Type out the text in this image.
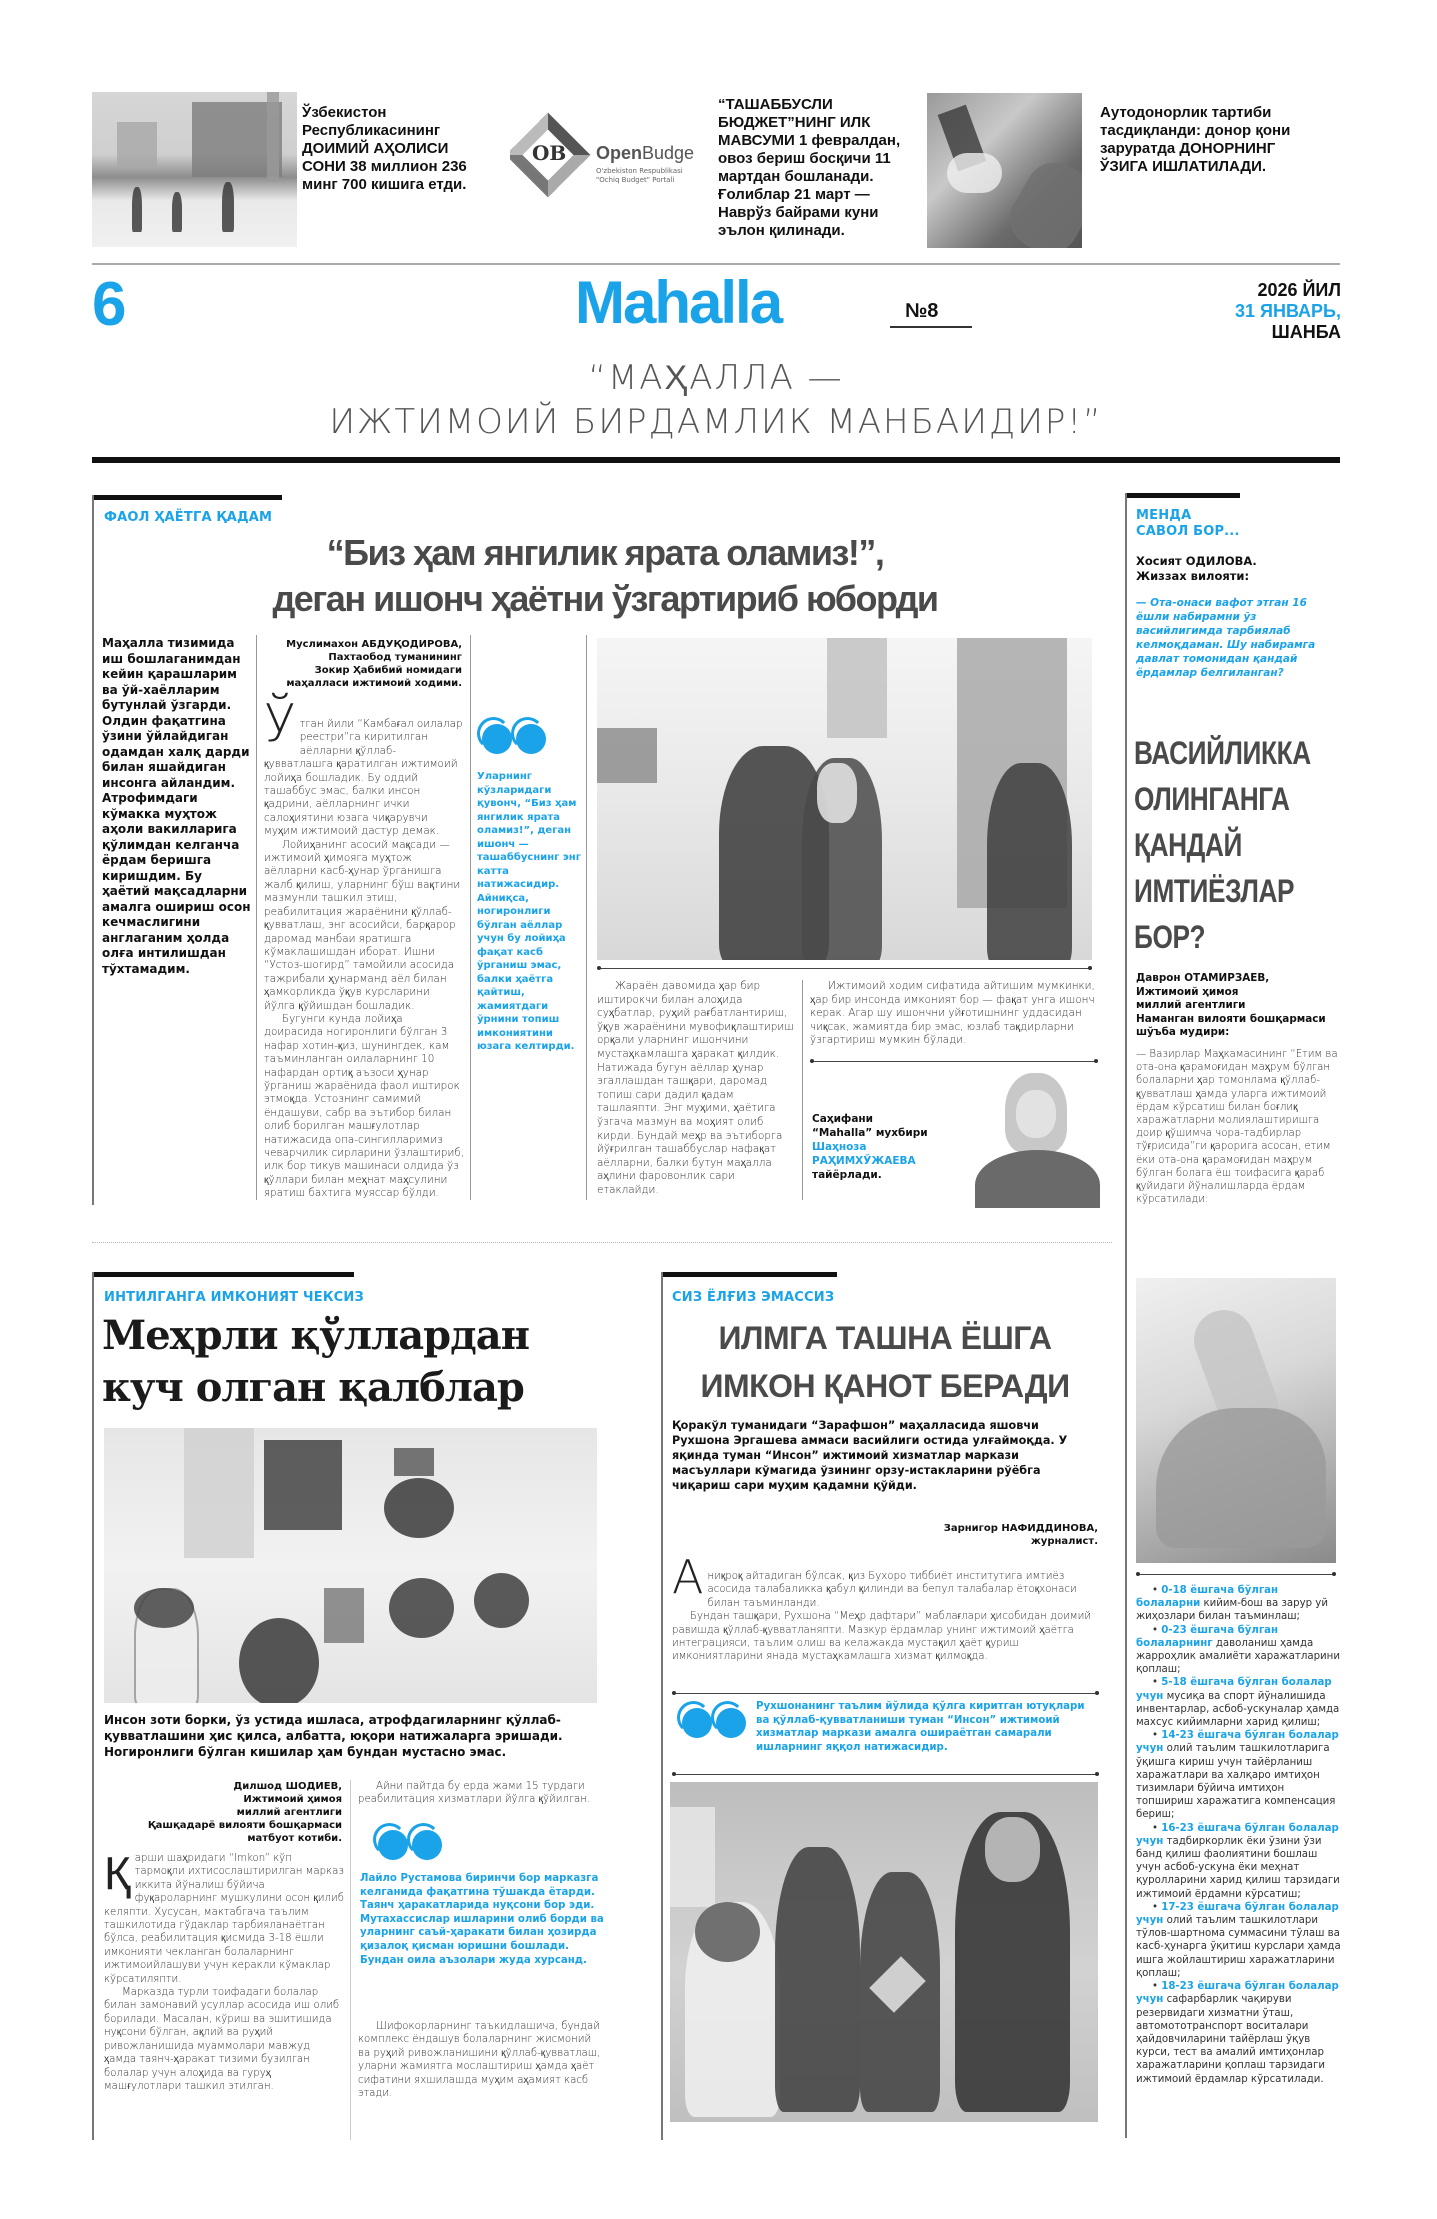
Ўзбекистон Республикасининг ДОИМИЙ АҲОЛИСИ СОНИ 38 миллион 236 минг 700 кишига етди.
ОВ OpenBudge
O'zbekiston Respublikasi
"Ochiq Budget" Portali
“ТАШАББУСЛИ БЮДЖЕТ”НИНГ ИЛК МАВСУМИ 1 февралдан, овоз бериш босқичи 11 мартдан бошланади. Ғолиблар 21 март — Наврўз байрами куни эълон қилинади.
Аутодонорлик тартиби тасдиқланди: донор қони заруратда ДОНОРНИНГ ЎЗИГА ИШЛАТИЛАДИ.
6	Mahalla	№8
2026 ЙИЛ
31 ЯНВАРЬ,
ШАНБА
“МАҲАЛЛА —
ИЖТИМОИЙ БИРДАМЛИК МАНБАИДИР!”
ФАОЛ ҲАЁТГА ҚАДАМ
“Биз ҳам янгилик ярата оламиз!”,
деган ишонч ҳаётни ўзгартириб юборди
Маҳалла тизимида иш бошлаганимдан кейин қарашларим ва ўй-хаёлларим бутунлай ўзгарди. Олдин фақатгина ўзини ўйлайдиган одамдан халқ дарди билан яшайдиган инсонга айландим. Атрофимдаги кўмакка муҳтож аҳоли вакилларига қўлимдан келганча ёрдам беришга киришдим. Бу ҳаётий мақсадларни амалга ошириш осон кечмаслигини англаганим ҳолда олға интилишдан тўхтамадим.
Муслимахон АБДУҚОДИРОВА,
Пахтаобод туманининг
Зокир Ҳабибий номидаги
маҳалласи ижтимоий ходими.
Ў тган йили “Камбағал оилалар реестри”га киритилган аёлларни қўллаб-қувватлашга қаратилган ижтимоий лойиҳа бошладик. Бу оддий ташаббус эмас, балки инсон қадрини, аёлларнинг ички салоҳиятини юзага чиқарувчи муҳим ижтимоий дастур демак.

Лойиҳанинг асосий мақсади — ижтимоий ҳимояга муҳтож аёлларни касб-ҳунар ўрганишга жалб қилиш, уларнинг бўш вақтини мазмунли ташкил этиш, реабилитация жараёнини қўллаб-қувватлаш, энг асосийси, барқарор даромад манбаи яратишга кўмаклашишдан иборат. Ишни “Устоз-шогирд” тамойили асосида тажрибали ҳунарманд аёл билан ҳамкорликда ўқув курсларини йўлга қўйишдан бошладик.

Бугунги кунда лойиҳа доирасида ногиронлиги бўлган 3 нафар хотин-қиз, шунингдек, кам таъминланган оилаларнинг 10 нафардан ортиқ аъзоси ҳунар ўрганиш жараёнида фаол иштирок этмоқда. Устознинг самимий ёндашуви, сабр ва эътибор билан олиб борилган машғулотлар натижасида опа-сингилларимиз чеварчилик сирларини ўзлаштириб, илк бор тикув машинаси олдида ўз қўллари билан меҳнат маҳсулини яратиш бахтига муяссар бўлди.

Уларнинг кўзларидаги қувонч, “Биз ҳам янгилик ярата оламиз!”, деган ишонч — ташаббуснинг энг катта натижасидир. Айниқса, ногиронлиги бўлган аёллар учун бу лойиҳа фақат касб ўрганиш эмас, балки ҳаётга қайтиш, жамиятдаги ўрнини топиш имкониятини юзага келтирди.

Жараён давомида ҳар бир иштирокчи билан алоҳида суҳбатлар, руҳий рағбатлантириш, ўқув жараёнини мувофиқлаштириш орқали уларнинг ишончини мустаҳкамлашга ҳаракат қилдик. Натижада бугун аёллар ҳунар эгаллашдан ташқари, даромад топиш сари дадил қадам ташлаяпти. Энг муҳими, ҳаётига ўзгача мазмун ва моҳият олиб кирди. Бундай меҳр ва эътиборга йўғрилган ташаббуслар нафақат аёлларни, балки бутун маҳалла аҳлини фаровонлик сари етаклайди.

Ижтимоий ходим сифатида айтишим мумкинки, ҳар бир инсонда имконият бор — фақат унга ишонч керак. Агар шу ишончни уйғотишнинг уддасидан чиқсак, жамиятда бир эмас, юзлаб тақдирларни ўзгартириш мумкин бўлади.

Саҳифани
“Mahalla” мухбири
Шаҳноза
РАҲИМХЎЖАЕВА
тайёрлади.
МЕНДА
САВОЛ БОР...
Хосият ОДИЛОВА.
Жиззах вилояти:
— Ота-онаси вафот этган 16 ёшли набирамни ўз васийлигимда тарбиялаб келмоқдаман. Шу набирамга давлат томонидан қандай ёрдамлар белгиланган?
ВАСИЙЛИККА
ОЛИНГАНГА
ҚАНДАЙ
ИМТИЁЗЛАР
БОР?
Даврон ОТАМИРЗАЕВ,
Ижтимоий ҳимоя
миллий агентлиги
Наманган вилояти бошқармаси
шўъба мудири:

— Вазирлар Маҳкамасининг “Етим ва ота-она қарамоғидан маҳрум бўлган болаларни ҳар томонлама қўллаб-қувватлаш ҳамда уларга ижтимоий ёрдам кўрсатиш билан боғлиқ харажатларни молиялаштиришга доир қўшимча чора-тадбирлар тўғрисида”ги қарорига асосан, етим ёки ота-она қарамоғидан маҳрум бўлган болага ёш тоифасига қараб қуйидаги йўналишларда ёрдам кўрсатилади:

• 0-18 ёшгача бўлган болаларни кийим-бош ва зарур уй жиҳозлари билан таъминлаш;
• 0-23 ёшгача бўлган болаларнинг даволаниш ҳамда жарроҳлик амалиёти харажатларини қоплаш;
• 5-18 ёшгача бўлган болалар учун мусиқа ва спорт йўналишида инвентарлар, асбоб-ускуналар ҳамда махсус кийимларни харид қилиш;
• 14-23 ёшгача бўлган болалар учун олий таълим ташкилотларига ўқишга кириш учун тайёрланиш харажатлари ва халқаро имтиҳон тизимлари бўйича имтиҳон топшириш харажатига компенсация бериш;
• 16-23 ёшгача бўлган болалар учун тадбиркорлик ёки ўзини ўзи банд қилиш фаолиятини бошлаш учун асбоб-ускуна ёки меҳнат қуролларини харид қилиш тарзидаги ижтимоий ёрдамни кўрсатиш;
• 17-23 ёшгача бўлган болалар учун олий таълим ташкилотлари тўлов-шартнома суммасини тўлаш ва касб-ҳунарга ўқитиш курслари ҳамда ишга жойлаштириш харажатларини қоплаш;
• 18-23 ёшгача бўлган болалар учун сафарбарлик чақируви резервидаги хизматни ўташ, автомототранспорт воситалари ҳайдовчиларини тайёрлаш ўқув курси, тест ва амалий имтиҳонлар харажатларини қоплаш тарзидаги ижтимоий ёрдамлар кўрсатилади.
ИНТИЛГАНГА ИМКОНИЯТ ЧЕКСИЗ
Меҳрли қўллардан
куч олган қалблар
Инсон зоти борки, ўз устида ишласа, атрофдагиларнинг қўллаб-қувватлашини ҳис қилса, албатта, юқори натижаларга эришади. Ногиронлиги бўлган кишилар ҳам бундан мустасно эмас.
Дилшод ШОДИЕВ,
Ижтимоий ҳимоя
миллий агентлиги
Қашқадарё вилояти бошқармаси
матбуот котиби.
Қ арши шаҳридаги “Imkon” кўп тармоқли ихтисослаштирилган марказ иккита йўналиш бўйича фуқароларнинг мушкулини осон қилиб келяпти. Хусусан, мактабгача таълим ташкилотида гўдаклар тарбияланаётган бўлса, реабилитация қисмида 3-18 ёшли имконияти чекланган болаларнинг ижтимоийлашуви учун керакли кўмаклар кўрсатиляпти.

Марказда турли тоифадаги болалар билан замонавий усуллар асосида иш олиб борилади. Масалан, кўриш ва эшитишида нуқсони бўлган, ақлий ва руҳий ривожланишида муаммолари мавжуд ҳамда таянч-ҳаракат тизими бузилган болалар учун алоҳида ва гуруҳ машғулотлари ташкил этилган.

Айни пайтда бу ерда жами 15 турдаги реабилитация хизматлари йўлга қўйилган.

Лайло Рустамова биринчи бор марказга келганида фақатгина тўшакда ётарди. Таянч ҳаракатларида нуқсони бор эди. Мутахассислар ишларини олиб борди ва уларнинг саъй-ҳаракати билан ҳозирда қизалоқ қисман юришни бошлади. Бундан оила аъзолари жуда хурсанд.

Шифокорларнинг таъкидлашича, бундай комплекс ёндашув болаларнинг жисмоний ва руҳий ривожланишини қўллаб-қувватлаш, уларни жамиятга мослаштириш ҳамда ҳаёт сифатини яхшилашда муҳим аҳамият касб этади.

СИЗ ЁЛҒИЗ ЭМАССИЗ
ИЛМГА ТАШНА ЁШГА
ИМКОН ҚАНОТ БЕРАДИ
Қоракўл туманидаги “Зарафшон” маҳалласида яшовчи Рухшона Эргашева аммаси васийлиги остида улғаймоқда. У яқинда туман “Инсон” ижтимоий хизматлар маркази масъуллари кўмагида ўзининг орзу-истакларини рўёбга чиқариш сари муҳим қадамни қўйди.
Зарнигор НАФИДДИНОВА,
журналист.
А ниқроқ айтадиган бўлсак, қиз Бухоро тиббиёт институтига имтиёз асосида талабаликка қабул қилинди ва бепул талабалар ётоқхонаси билан таъминланди.

Бундан ташқари, Рухшона “Меҳр дафтари” маблағлари ҳисобидан доимий равишда қўллаб-қувватланяпти. Мазкур ёрдамлар унинг ижтимоий ҳаётга интеграцияси, таълим олиш ва келажакда мустақил ҳаёт қуриш имкониятларини янада мустаҳкамлашга хизмат қилмоқда.

Рухшонанинг таълим йўлида қўлга киритган ютуқлари ва қўллаб-қувватланиши туман “Инсон” ижтимоий хизматлар маркази амалга ошираётган самарали ишларнинг яққол натижасидир.
